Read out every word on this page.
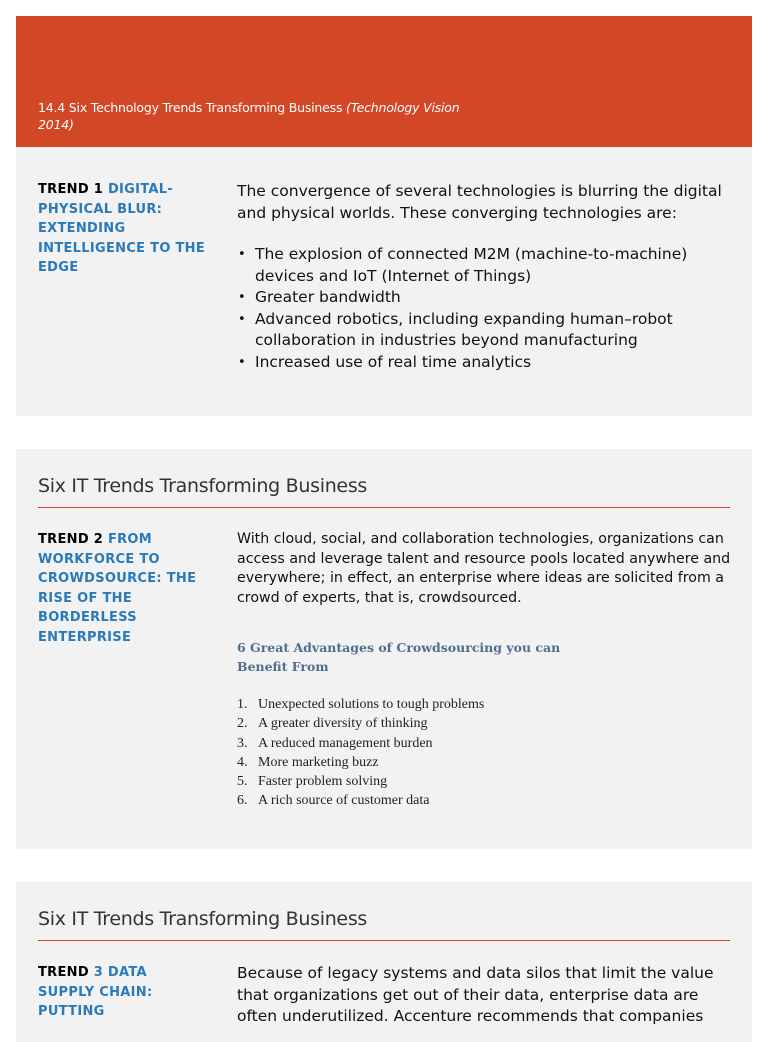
14.4 Six Technology Trends Transforming Business (Technology Vision 2014)
TREND 1 DIGITAL-PHYSICAL BLUR: EXTENDING INTELLIGENCE TO THE EDGE
The convergence of several technologies is blurring the digital and physical worlds. These converging technologies are:
• The explosion of connected M2M (machine-to-machine) devices and IoT (Internet of Things)
• Greater bandwidth
• Advanced robotics, including expanding human–robot collaboration in industries beyond manufacturing
• Increased use of real time analytics
Six IT Trends Transforming Business
TREND 2 FROM WORKFORCE TO CROWDSOURCE: THE RISE OF THE BORDERLESS ENTERPRISE
With cloud, social, and collaboration technologies, organizations can access and leverage talent and resource pools located anywhere and everywhere; in effect, an enterprise where ideas are solicited from a crowd of experts, that is, crowdsourced.
6 Great Advantages of Crowdsourcing you can Benefit From
1. Unexpected solutions to tough problems
2. A greater diversity of thinking
3. A reduced management burden
4. More marketing buzz
5. Faster problem solving
6. A rich source of customer data
Six IT Trends Transforming Business
TREND 3 DATA SUPPLY CHAIN: PUTTING
Because of legacy systems and data silos that limit the value that organizations get out of their data, enterprise data are often underutilized. Accenture recommends that companies
